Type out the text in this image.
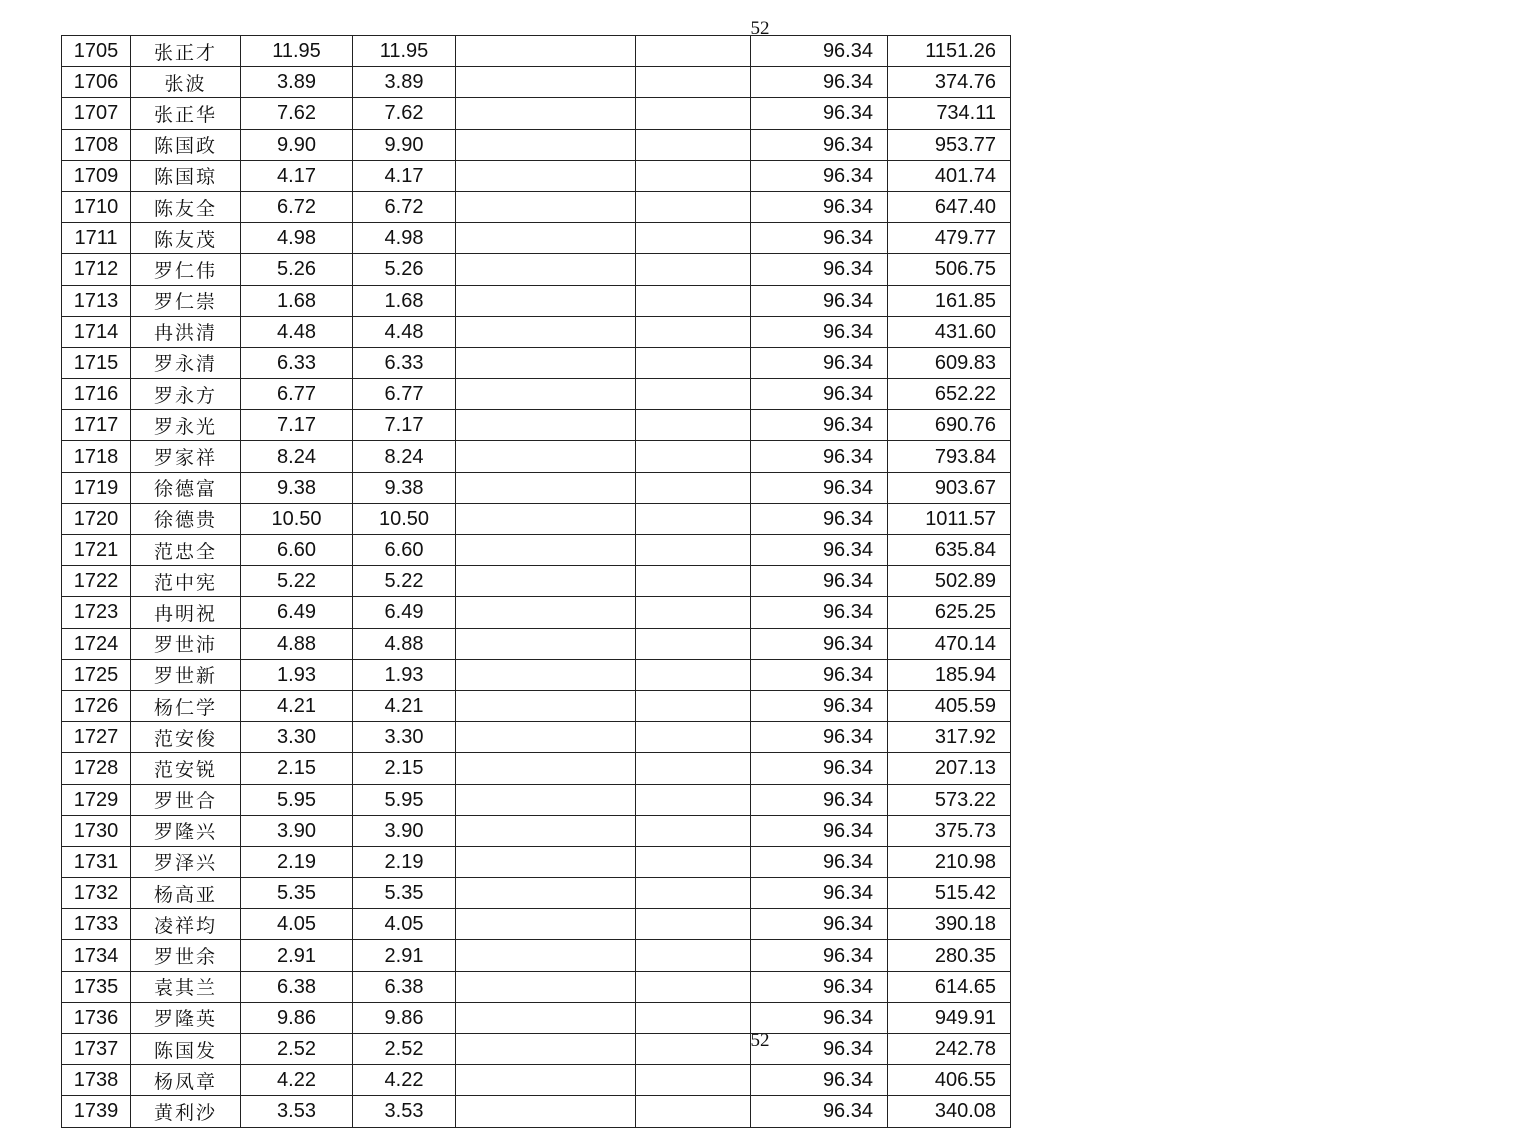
52
1705	张正才	11.95	11.95			96.34	1151.26
1706	张波	3.89	3.89			96.34	374.76
1707	张正华	7.62	7.62			96.34	734.11
1708	陈国政	9.90	9.90			96.34	953.77
1709	陈国琼	4.17	4.17			96.34	401.74
1710	陈友全	6.72	6.72			96.34	647.40
1711	陈友茂	4.98	4.98			96.34	479.77
1712	罗仁伟	5.26	5.26			96.34	506.75
1713	罗仁崇	1.68	1.68			96.34	161.85
1714	冉洪清	4.48	4.48			96.34	431.60
1715	罗永清	6.33	6.33			96.34	609.83
1716	罗永方	6.77	6.77			96.34	652.22
1717	罗永光	7.17	7.17			96.34	690.76
1718	罗家祥	8.24	8.24			96.34	793.84
1719	徐德富	9.38	9.38			96.34	903.67
1720	徐德贵	10.50	10.50			96.34	1011.57
1721	范忠全	6.60	6.60			96.34	635.84
1722	范中宪	5.22	5.22			96.34	502.89
1723	冉明祝	6.49	6.49			96.34	625.25
1724	罗世沛	4.88	4.88			96.34	470.14
1725	罗世新	1.93	1.93			96.34	185.94
1726	杨仁学	4.21	4.21			96.34	405.59
1727	范安俊	3.30	3.30			96.34	317.92
1728	范安锐	2.15	2.15			96.34	207.13
1729	罗世合	5.95	5.95			96.34	573.22
1730	罗隆兴	3.90	3.90			96.34	375.73
1731	罗泽兴	2.19	2.19			96.34	210.98
1732	杨高亚	5.35	5.35			96.34	515.42
1733	凌祥均	4.05	4.05			96.34	390.18
1734	罗世余	2.91	2.91			96.34	280.35
1735	袁其兰	6.38	6.38			96.34	614.65
1736	罗隆英	9.86	9.86			96.34	949.91
1737	陈国发	2.52	2.52			96.34	242.78
1738	杨凤章	4.22	4.22			96.34	406.55
1739	黄利沙	3.53	3.53			96.34	340.08
52
